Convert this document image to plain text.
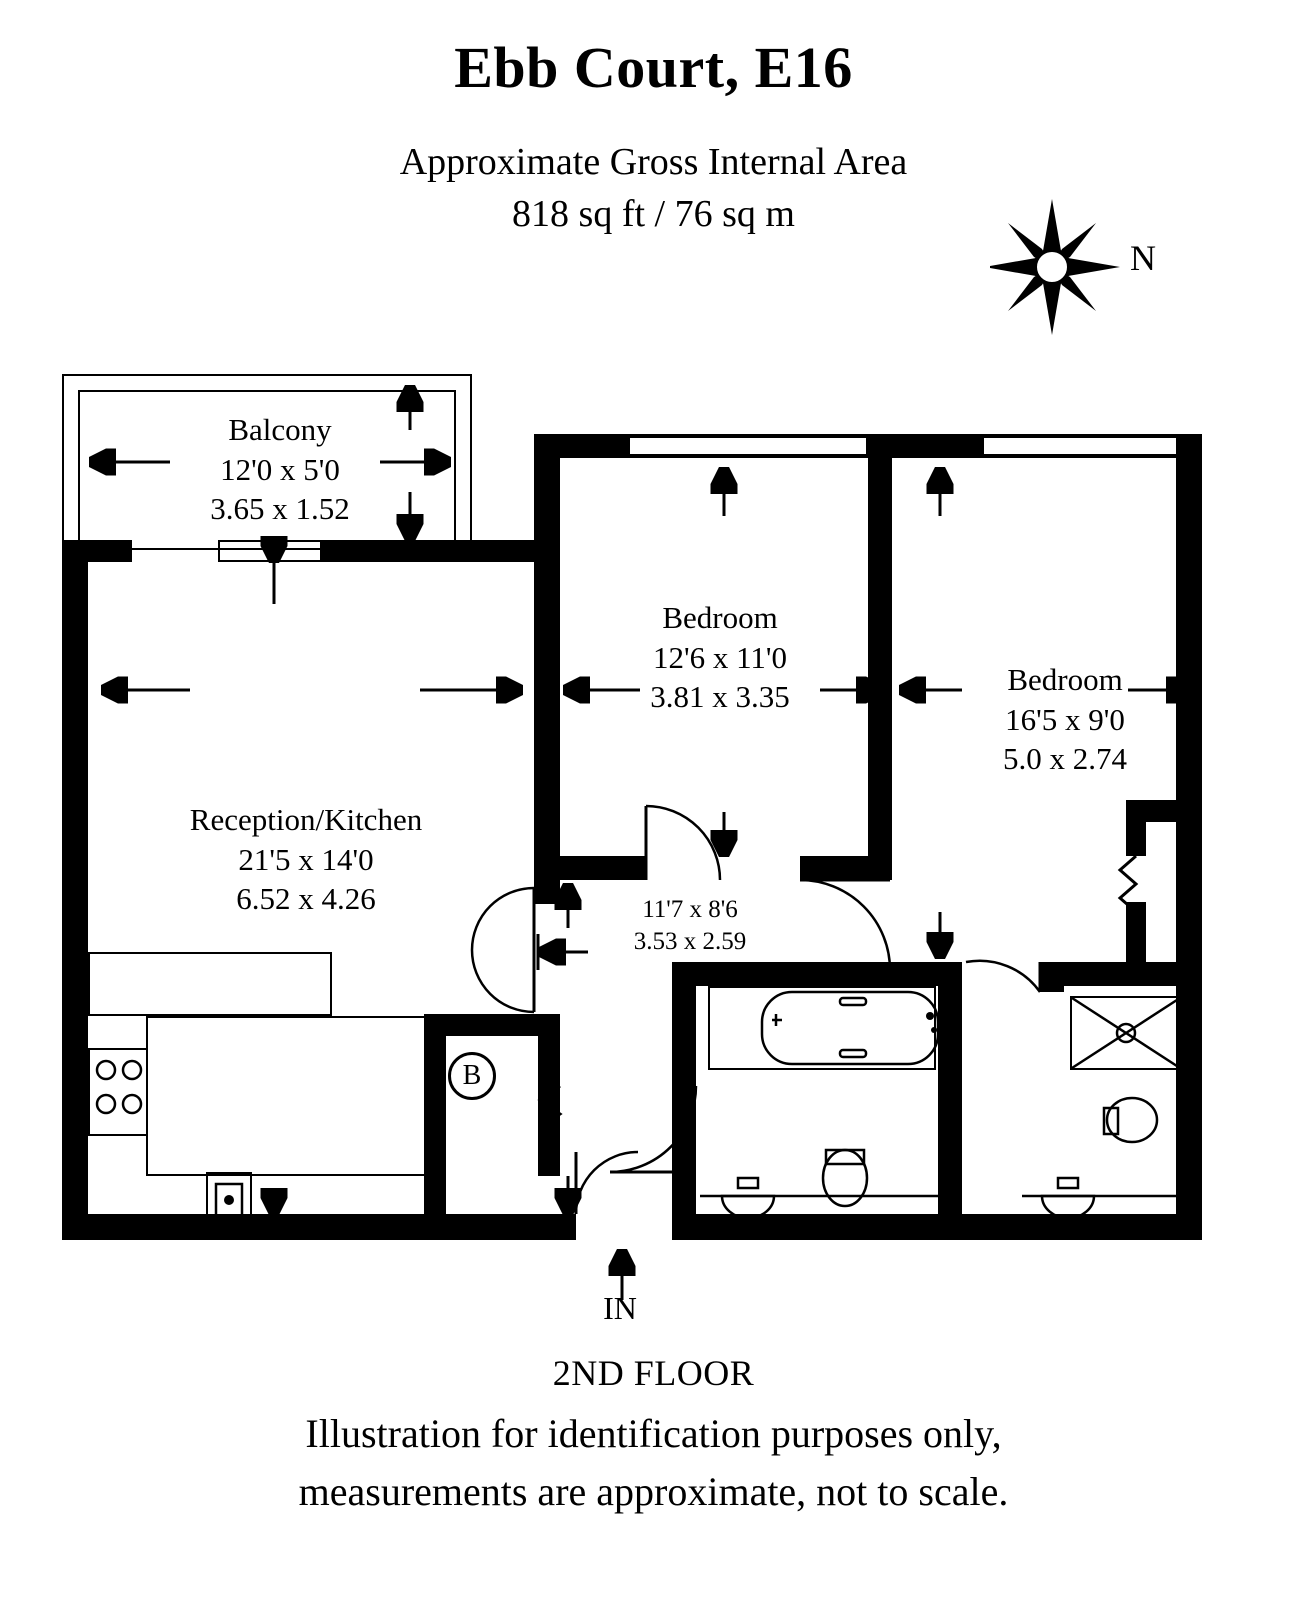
Ebb Court, E16
Approximate Gross Internal Area
818 sq ft / 76 sq m
N
B
Balcony
12'0 x 5'0
3.65 x 1.52
Reception/Kitchen
21'5 x 14'0
6.52 x 4.26
Bedroom
12'6 x 11'0
3.81 x 3.35	Bedroom
16'5 x 9'0
5.0 x 2.74
11'7 x 8'6
3.53 x 2.59
IN
2ND FLOOR
Illustration for identification purposes only,
measurements are approximate, not to scale.
